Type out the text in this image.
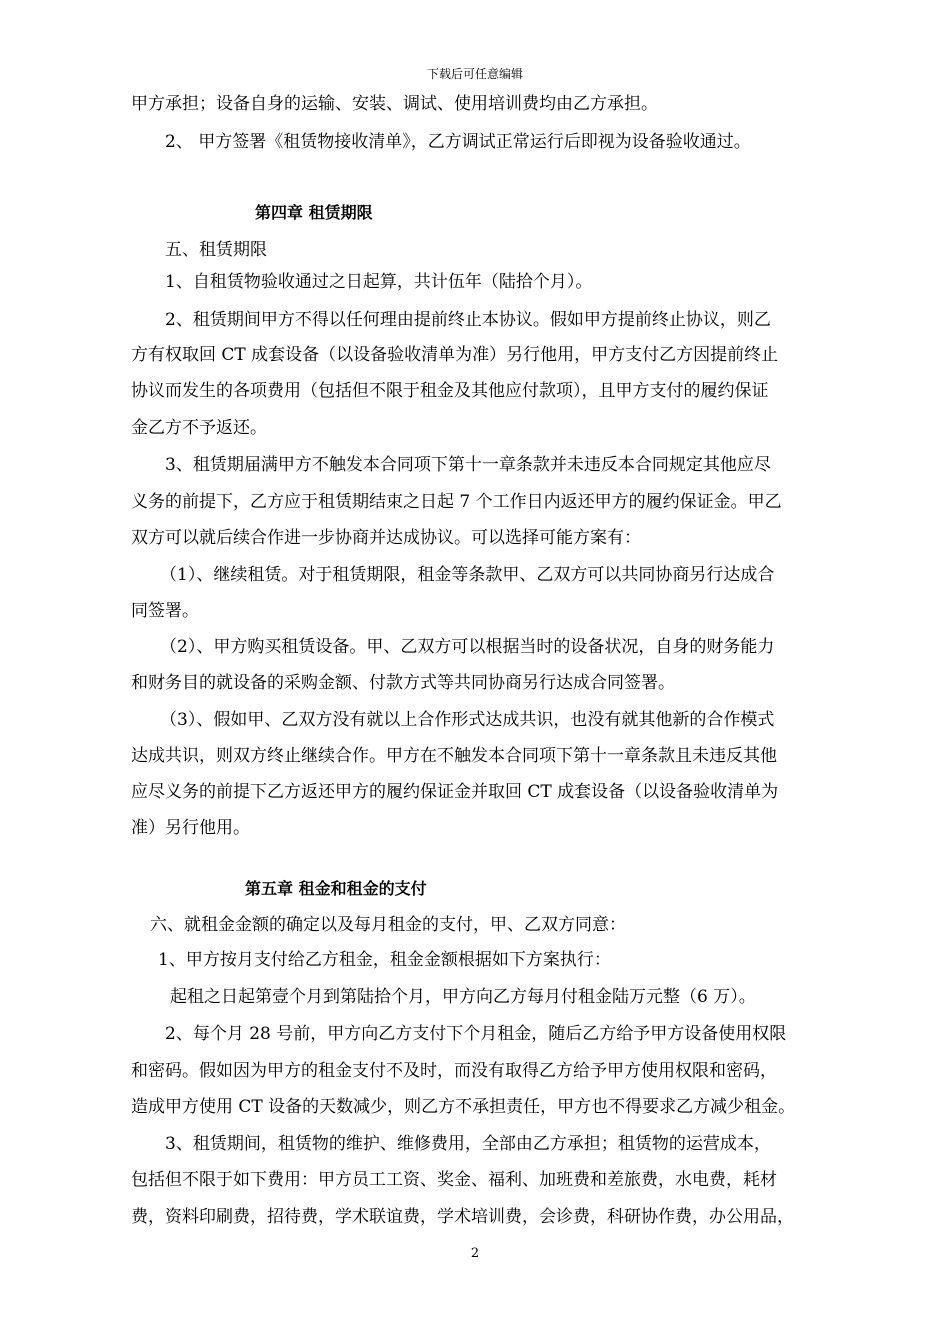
下载后可任意编辑
甲方承担；设备自身的运输、安装、调试、使用培训费均由乙方承担。
2、 甲方签署《租赁物接收清单》，乙方调试正常运行后即视为设备验收通过。
第四章 租赁期限
五、租赁期限
1、自租赁物验收通过之日起算，共计伍年（陆拾个月）。
2、租赁期间甲方不得以任何理由提前终止本协议。假如甲方提前终止协议，则乙
方有权取回 CT 成套设备（以设备验收清单为准）另行他用，甲方支付乙方因提前终止
协议而发生的各项费用（包括但不限于租金及其他应付款项），且甲方支付的履约保证
金乙方不予返还。
3、租赁期届满甲方不触发本合同项下第十一章条款并未违反本合同规定其他应尽
义务的前提下，乙方应于租赁期结束之日起 7 个工作日内返还甲方的履约保证金。甲乙
双方可以就后续合作进一步协商并达成协议。可以选择可能方案有：
（1）、继续租赁。对于租赁期限，租金等条款甲、乙双方可以共同协商另行达成合
同签署。
（2）、甲方购买租赁设备。甲、乙双方可以根据当时的设备状况，自身的财务能力
和财务目的就设备的采购金额、付款方式等共同协商另行达成合同签署。
（3）、假如甲、乙双方没有就以上合作形式达成共识，也没有就其他新的合作模式
达成共识，则双方终止继续合作。甲方在不触发本合同项下第十一章条款且未违反其他
应尽义务的前提下乙方返还甲方的履约保证金并取回 CT 成套设备（以设备验收清单为
准）另行他用。
第五章 租金和租金的支付
六、就租金金额的确定以及每月租金的支付，甲、乙双方同意：
1、甲方按月支付给乙方租金，租金金额根据如下方案执行：
起租之日起第壹个月到第陆拾个月，甲方向乙方每月付租金陆万元整（6 万）。
2、每个月 28 号前，甲方向乙方支付下个月租金，随后乙方给予甲方设备使用权限
和密码。假如因为甲方的租金支付不及时，而没有取得乙方给予甲方使用权限和密码，
造成甲方使用 CT 设备的天数减少，则乙方不承担责任，甲方也不得要求乙方减少租金。
3、租赁期间，租赁物的维护、维修费用，全部由乙方承担；租赁物的运营成本，
包括但不限于如下费用：甲方员工工资、奖金、福利、加班费和差旅费，水电费，耗材
费，资料印刷费，招待费，学术联谊费，学术培训费，会诊费，科研协作费，办公用品，
2
